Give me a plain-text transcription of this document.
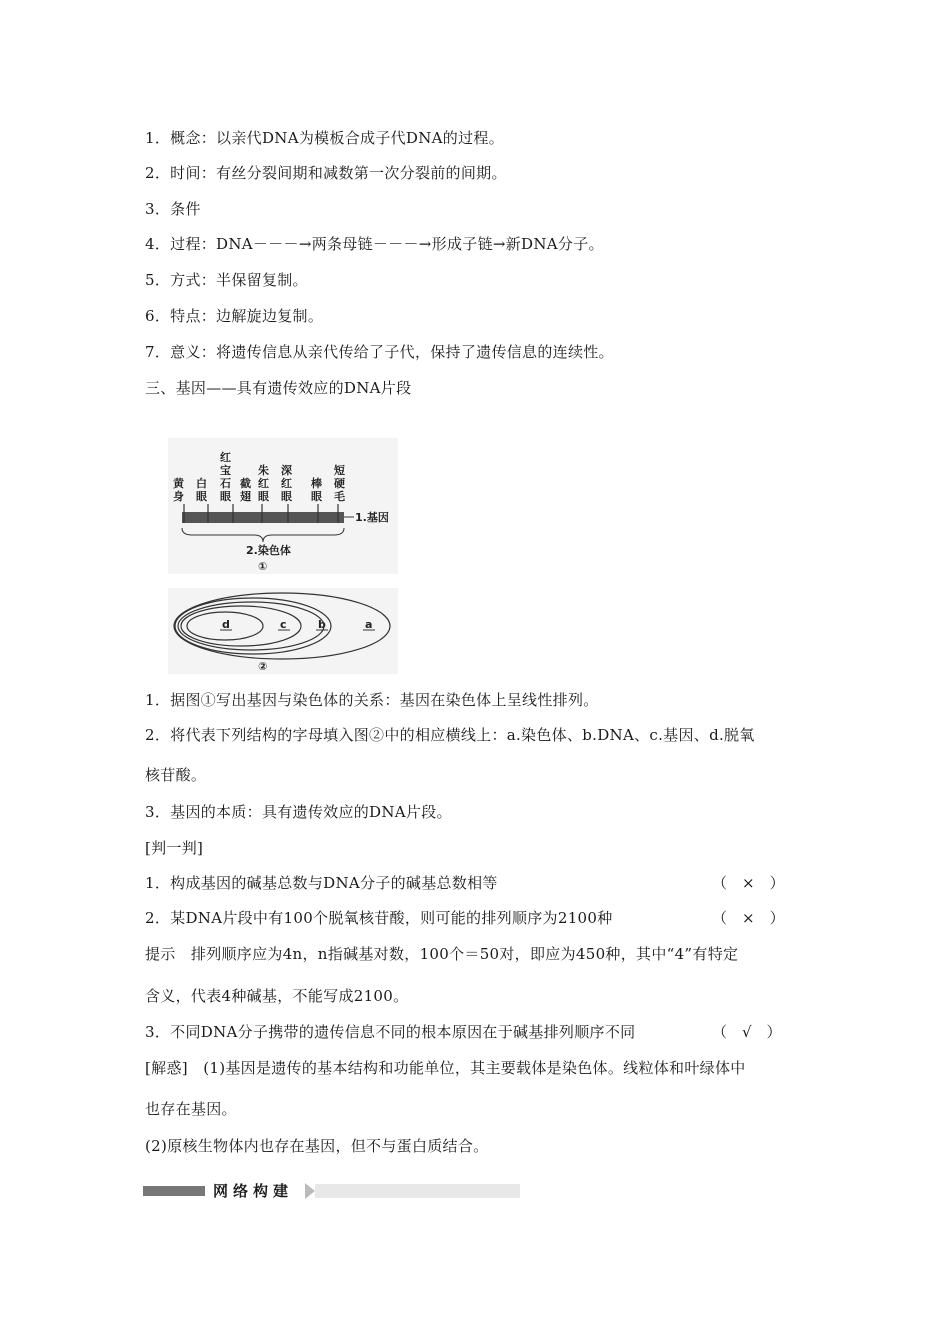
1．概念：以亲代DNA为模板合成子代DNA的过程。
2．时间：有丝分裂间期和减数第一次分裂前的间期。
3．条件
4．过程：DNA－－－→两条母链－－－→形成子链→新DNA分子。
5．方式：半保留复制。
6．特点：边解旋边复制。
7．意义：将遗传信息从亲代传给了子代，保持了遗传信息的连续性。
三、基因——具有遗传效应的DNA片段
黄身
白眼
红宝石眼
截翅
朱红眼
深红眼
棒眼
短硬毛
1.基因
2.染色体
①
d	c	b	a
②
1．据图①写出基因与染色体的关系：基因在染色体上呈线性排列。
2．将代表下列结构的字母填入图②中的相应横线上：a.染色体、b.DNA、c.基因、d.脱氧
核苷酸。
3．基因的本质：具有遗传效应的DNA片段。
[判一判]
1．构成基因的碱基总数与DNA分子的碱基总数相等	（　×　）
2．某DNA片段中有100个脱氧核苷酸，则可能的排列顺序为2100种	（　×　）
提示　排列顺序应为4n，n指碱基对数，100个＝50对，即应为450种，其中“4”有特定
含义，代表4种碱基，不能写成2100。
3．不同DNA分子携带的遗传信息不同的根本原因在于碱基排列顺序不同	（　√　）
[解惑]　(1)基因是遗传的基本结构和功能单位，其主要载体是染色体。线粒体和叶绿体中
也存在基因。
(2)原核生物体内也存在基因，但不与蛋白质结合。
网络构建
